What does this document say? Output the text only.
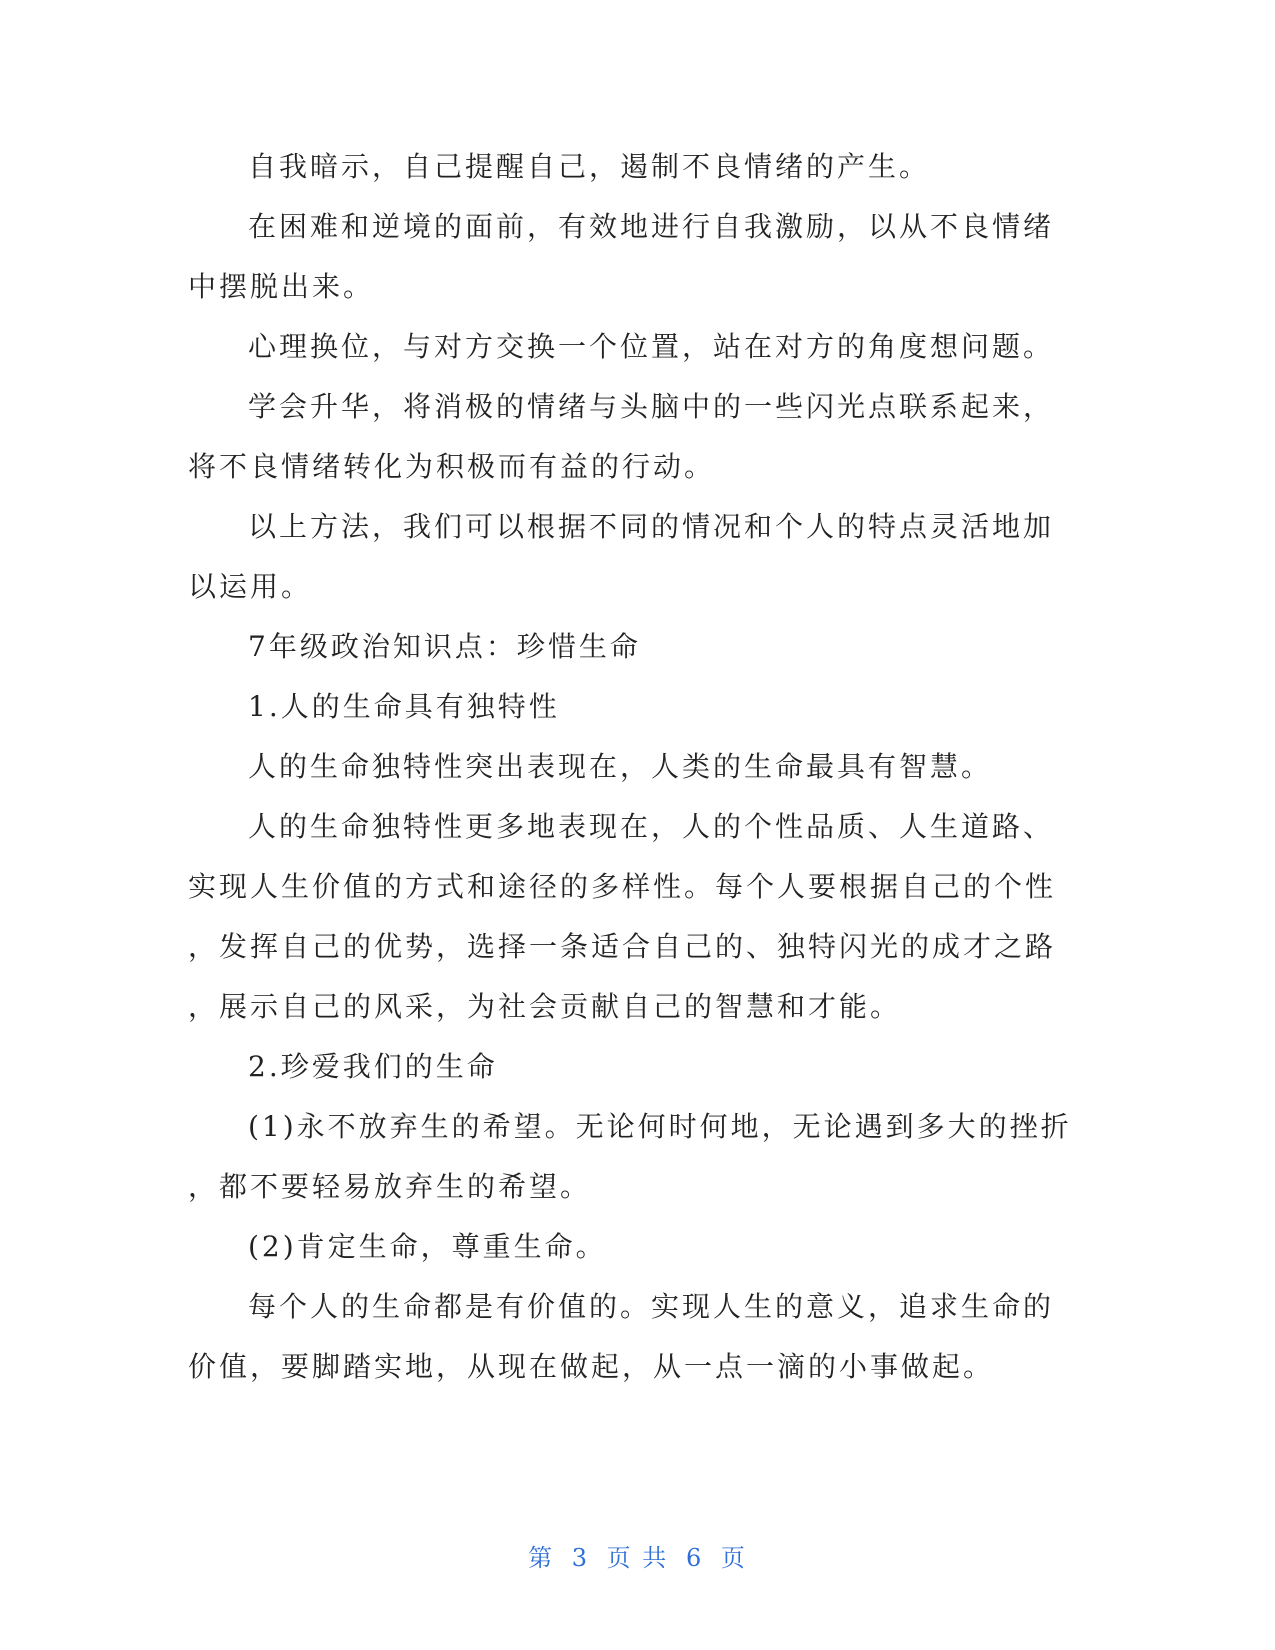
自我暗示，自己提醒自己，遏制不良情绪的产生。

在困难和逆境的面前，有效地进行自我激励，以从不良情绪
中摆脱出来。

心理换位，与对方交换一个位置，站在对方的角度想问题。

学会升华，将消极的情绪与头脑中的一些闪光点联系起来，
将不良情绪转化为积极而有益的行动。

以上方法，我们可以根据不同的情况和个人的特点灵活地加
以运用。

7年级政治知识点：珍惜生命

1.人的生命具有独特性

人的生命独特性突出表现在，人类的生命最具有智慧。

人的生命独特性更多地表现在，人的个性品质、人生道路、
实现人生价值的方式和途径的多样性。每个人要根据自己的个性
，发挥自己的优势，选择一条适合自己的、独特闪光的成才之路
，展示自己的风采，为社会贡献自己的智慧和才能。

2.珍爱我们的生命

(1)永不放弃生的希望。无论何时何地，无论遇到多大的挫折
，都不要轻易放弃生的希望。

(2)肯定生命，尊重生命。

每个人的生命都是有价值的。实现人生的意义，追求生命的
价值，要脚踏实地，从现在做起，从一点一滴的小事做起。

第 3 页 共 6 页
